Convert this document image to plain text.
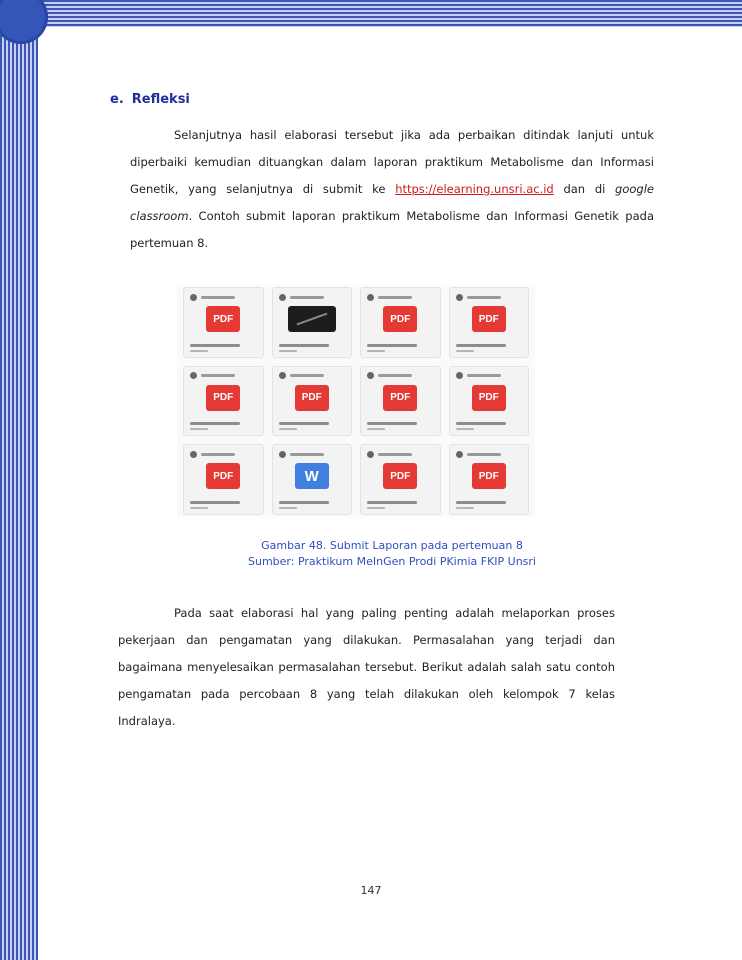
e. Refleksi
Selanjutnya hasil elaborasi tersebut jika ada perbaikan ditindak lanjuti untuk diperbaiki kemudian dituangkan dalam laporan praktikum Metabolisme dan Informasi Genetik, yang selanjutnya di submit ke https://elearning.unsri.ac.id dan di google classroom. Contoh submit laporan praktikum Metabolisme dan Informasi Genetik pada pertemuan 8.
PDF	PDF	PDF
PDF	PDF	PDF	PDF
PDF	W	PDF	PDF
Gambar 48. Submit Laporan pada pertemuan 8
Sumber: Praktikum MeInGen Prodi PKimia FKIP Unsri
Pada saat elaborasi hal yang paling penting adalah melaporkan proses pekerjaan dan pengamatan yang dilakukan. Permasalahan yang terjadi dan bagaimana menyelesaikan permasalahan tersebut. Berikut adalah salah satu contoh pengamatan pada percobaan 8 yang telah dilakukan oleh kelompok 7 kelas Indralaya.
147
